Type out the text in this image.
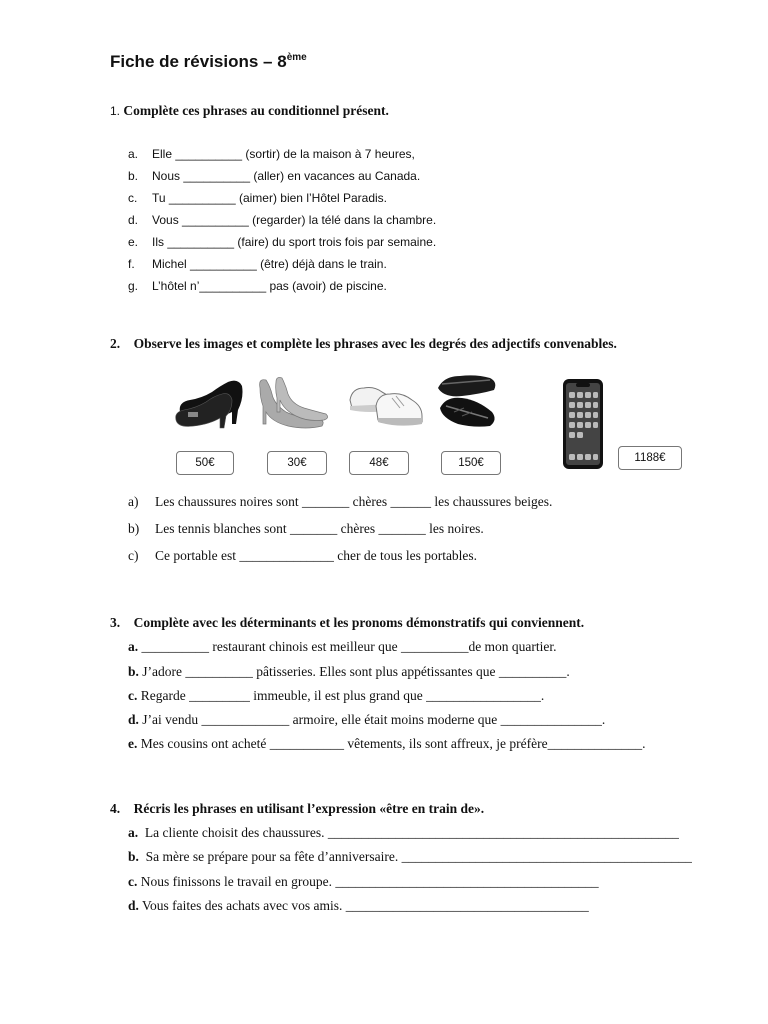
Fiche de révisions – 8ème
1. Complète ces phrases au conditionnel présent.
a. Elle __________ (sortir) de la maison à 7 heures,
b. Nous __________ (aller) en vacances au Canada.
c. Tu __________ (aimer) bien l’Hôtel Paradis.
d. Vous __________ (regarder) la télé dans la chambre.
e. Ils __________ (faire) du sport trois fois par semaine.
f. Michel __________ (être) déjà dans le train.
g. L’hôtel n’__________ pas (avoir) de piscine.
2.    Observe les images et complète les phrases avec les degrés des adjectifs convenables.
50€	30€	48€	150€	1188€
a) Les chaussures noires sont _______ chères ______ les chaussures beiges.
b) Les tennis blanches sont _______ chères _______ les noires.
c) Ce portable est ______________ cher de tous les portables.
3.    Complète avec les déterminants et les pronoms démonstratifs qui conviennent.
a. __________ restaurant chinois est meilleur que __________de mon quartier.
b. J’adore __________ pâtisseries. Elles sont plus appétissantes que __________.
c. Regarde _________ immeuble, il est plus grand que _________________.
d. J’ai vendu _____________ armoire, elle était moins moderne que _______________.
e. Mes cousins ont acheté ___________ vêtements, ils sont affreux, je préfère______________.
4.    Récris les phrases en utilisant l’expression «être en train de».
a.  La cliente choisit des chaussures. ____________________________________________________
b.  Sa mère se prépare pour sa fête d’anniversaire. ___________________________________________
c. Nous finissons le travail en groupe. _______________________________________
d. Vous faites des achats avec vos amis. ____________________________________
